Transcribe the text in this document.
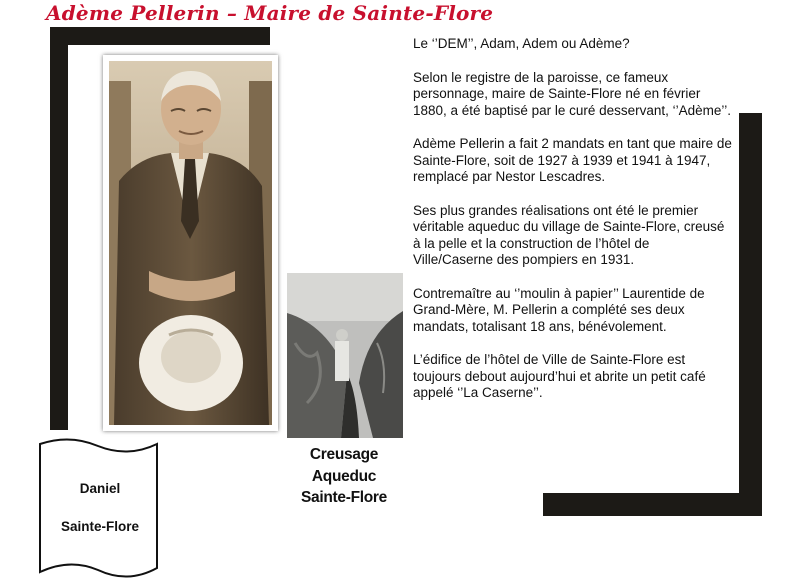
Adème Pellerin – Maire de Sainte-Flore
Creusage
Aqueduc
Sainte-Flore
Daniel
Sainte-Flore

Le ‘’DEM’’, Adam, Adem ou Adème?

Selon le registre de la paroisse, ce fameux personnage, maire de Sainte-Flore né en février 1880, a été baptisé par le curé desservant, ‘’Adème’’.

Adème Pellerin a fait 2 mandats en tant que maire de Sainte-Flore, soit de 1927 à 1939 et 1941 à 1947, remplacé par Nestor Lescadres.

Ses plus grandes réalisations ont été le premier véritable aqueduc du village de Sainte-Flore, creusé à la pelle et la construction de l’hôtel de Ville/Caserne des pompiers en 1931.

Contremaître au ‘’moulin à papier’’ Laurentide de Grand-Mère, M. Pellerin a complété ses deux mandats, totalisant 18 ans, bénévolement.

L’édifice de l’hôtel de Ville de Sainte-Flore est toujours debout aujourd’hui et abrite un petit café appelé ‘’La Caserne’’.
